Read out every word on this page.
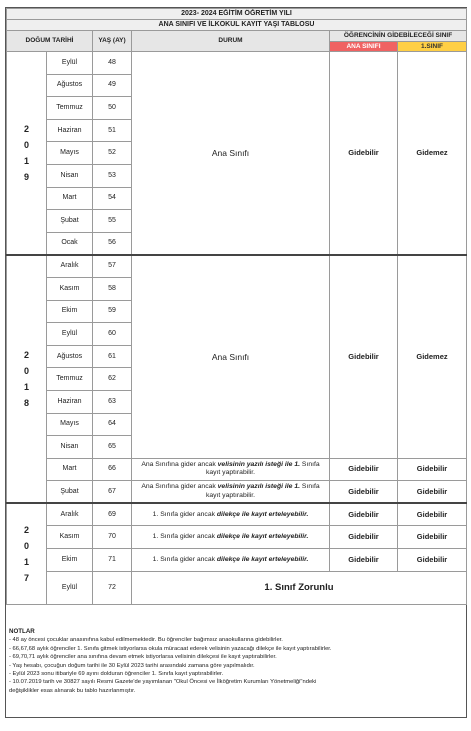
2023- 2024 EĞİTİM ÖĞRETİM YILI					
ANA SINIFI VE İLKOKUL KAYIT YAŞI TABLOSU					
DOĞUM TARİHİ		YAŞ (AY)	DURUM	ÖĞRENCİNİN GİDEBİLECEĞİ SINIF	
				ANA SINIFI	1.SINIF

2
0
1
9	Eylül	48	Ana Sınıfı	Gidebilir	Gidemez
	Ağustos	49			
	Temmuz	50			
	Haziran	51			
	Mayıs	52			
	Nisan	53			
	Mart	54			
	Şubat	55			
	Ocak	56			

2
0
1
8	Aralık	57	Ana Sınıfı	Gidebilir	Gidemez
	Kasım	58			
	Ekim	59			
	Eylül	60			
	Ağustos	61			
	Temmuz	62			
	Haziran	63			
	Mayıs	64			
	Nisan	65			
	Mart	66	Ana Sınıfına gider ancak velisinin yazılı isteği ile 1. Sınıfa kayıt yaptırabilir.	Gidebilir	Gidebilir
	Şubat	67	Ana Sınıfına gider ancak velisinin yazılı isteği ile 1. Sınıfa kayıt yaptırabilir.	Gidebilir	Gidebilir

2
0
1
7	Aralık	69	1. Sınıfa gider ancak dilekçe ile kayıt erteleyebilir.	Gidebilir	Gidebilir
	Kasım	70	1. Sınıfa gider ancak dilekçe ile kayıt erteleyebilir.	Gidebilir	Gidebilir
	Ekim	71	1. Sınıfa gider ancak dilekçe ile kayıt erteleyebilir.	Gidebilir	Gidebilir
	Eylül	72	1. Sınıf Zorunlu		
NOTLAR
- 48 ay öncesi çocuklar anasınıfına kabul edilmemektedir. Bu öğrenciler bağımsız anaokullarına gidebilirler.
- 66,67,68 aylık öğrenciler 1. Sınıfa gitmek istiyorlarsa okula müracaat ederek velisinin yazacağı dilekçe ile kayıt yaptırabilirler.
- 69,70,71 aylık öğrenciler ana sınıfına devam etmek istiyorlarsa velisinin dilekçesi ile kayıt yaptırabilirler.
- Yaş hesabı, çocuğun doğum tarihi ile 30 Eylül 2023 tarihi arasındaki zamana göre yapılmalıdır.
- Eylül 2023 sonu itibariyle 69 ayını dolduran öğrenciler 1. Sınıfa kayıt yaptırabilirler.
- 10.07.2019 tarih ve 30827 sayılı Resmi Gazete'de yayımlanan "Okul Öncesi ve İlköğretim Kurumları Yönetmeliği"ndeki
değişiklikler esas alınarak bu tablo hazırlanmıştır.
